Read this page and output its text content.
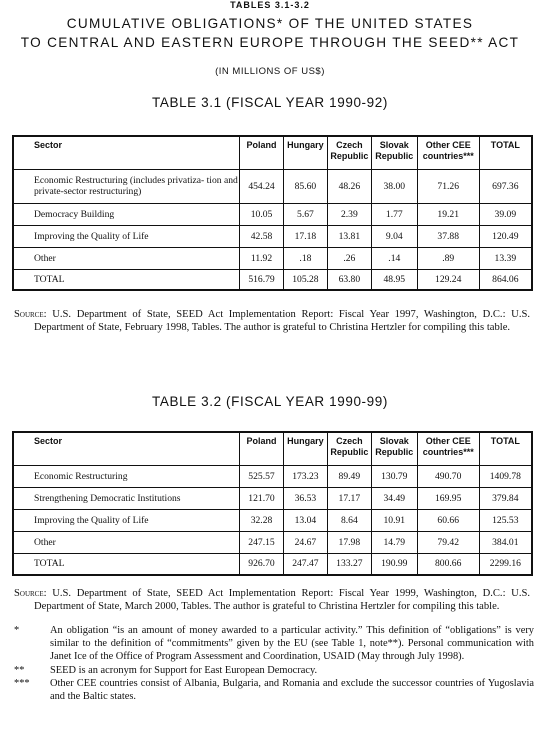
TABLES 3.1-3.2
CUMULATIVE OBLIGATIONS* OF THE UNITED STATES
TO CENTRAL AND EASTERN EUROPE THROUGH THE SEED** ACT
(IN MILLIONS OF US$)
TABLE 3.1 (FISCAL YEAR 1990-92)
Sector	Poland	Hungary	Czech Republic	Slovak Republic	Other CEE countries***	TOTAL
Economic Restructuring (includes privatiza- tion and private-sector restructuring)	454.24	85.60	48.26	38.00	71.26	697.36
Democracy Building	10.05	5.67	2.39	1.77	19.21	39.09
Improving the Quality of Life	42.58	17.18	13.81	9.04	37.88	120.49
Other	11.92	.18	.26	.14	.89	13.39
TOTAL	516.79	105.28	63.80	48.95	129.24	864.06
Source: U.S. Department of State, SEED Act Implementation Report: Fiscal Year 1997, Washington, D.C.: U.S. Department of State, February 1998, Tables. The author is grateful to Christina Hertzler for compiling this table.
TABLE 3.2 (FISCAL YEAR 1990-99)
Sector	Poland	Hungary	Czech Republic	Slovak Republic	Other CEE countries***	TOTAL
Economic Restructuring	525.57	173.23	89.49	130.79	490.70	1409.78
Strengthening Democratic Institutions	121.70	36.53	17.17	34.49	169.95	379.84
Improving the Quality of Life	32.28	13.04	8.64	10.91	60.66	125.53
Other	247.15	24.67	17.98	14.79	79.42	384.01
TOTAL	926.70	247.47	133.27	190.99	800.66	2299.16
Source: U.S. Department of State, SEED Act Implementation Report: Fiscal Year 1999, Washington, D.C.: U.S. Department of State, March 2000, Tables. The author is grateful to Christina Hertzler for compiling this table.
*	An obligation “is an amount of money awarded to a particular activity.” This definition of “obligations” is very similar to the definition of “commitments” given by the EU (see Table 1, note**). Personal communication with Janet Ice of the Office of Program Assessment and Coordination, USAID (May through July 1998).
** SEED is an acronym for Support for East European Democracy.
*** Other CEE countries consist of Albania, Bulgaria, and Romania and exclude the successor countries of Yugoslavia and the Baltic states.
